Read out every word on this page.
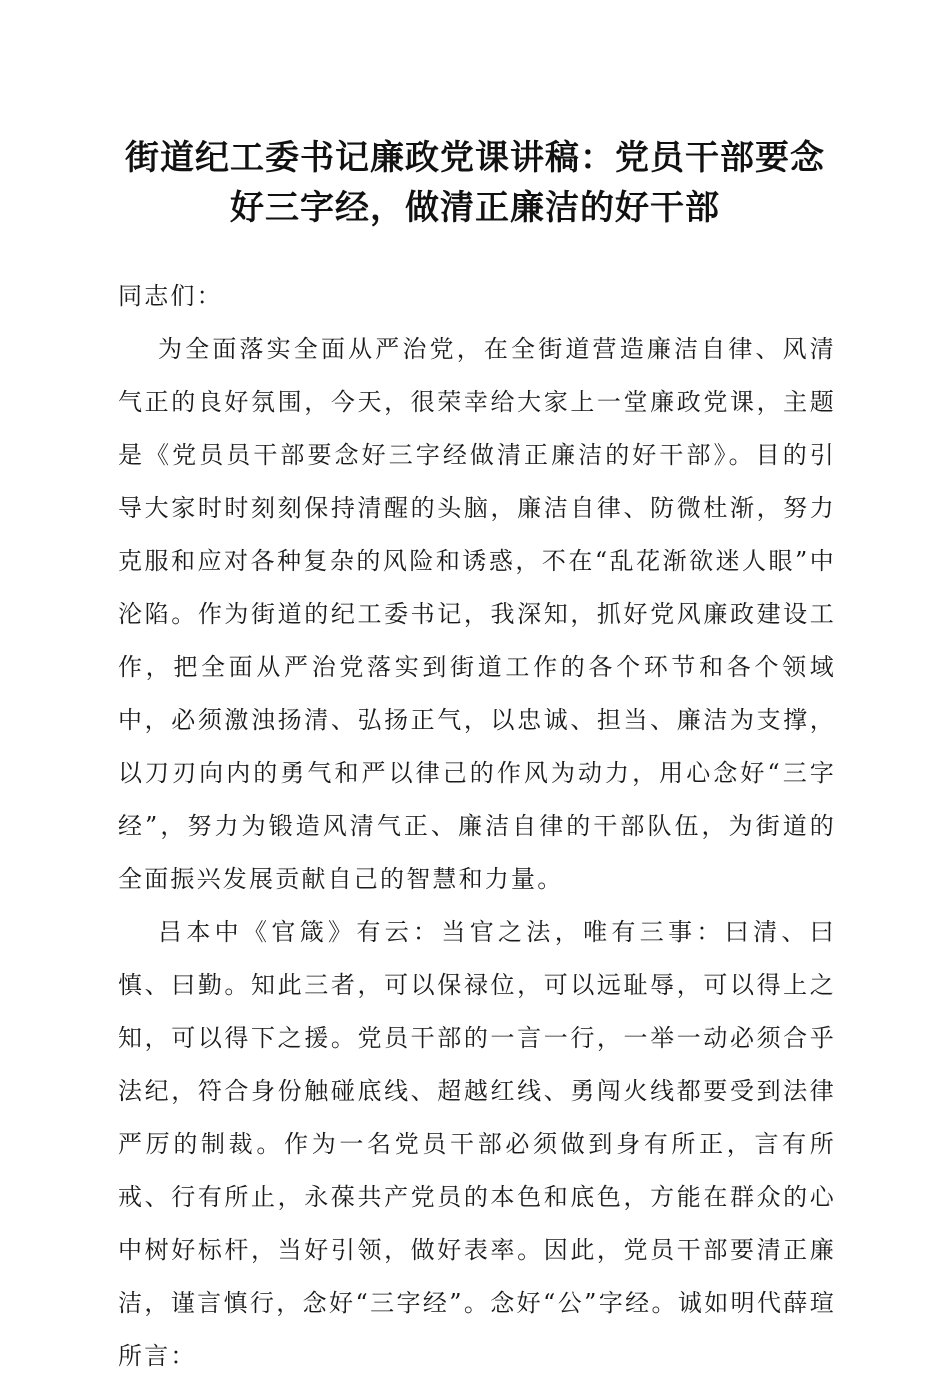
街道纪工委书记廉政党课讲稿：党员干部要念
好三字经，做清正廉洁的好干部

同志们：

为全面落实全面从严治党，在全街道营造廉洁自律、风清气正的良好氛围，今天，很荣幸给大家上一堂廉政党课，主题是《党员员干部要念好三字经做清正廉洁的好干部》。目的引导大家时时刻刻保持清醒的头脑，廉洁自律、防微杜渐，努力克服和应对各种复杂的风险和诱惑，不在“乱花渐欲迷人眼”中沦陷。作为街道的纪工委书记，我深知，抓好党风廉政建设工作，把全面从严治党落实到街道工作的各个环节和各个领域中，必须激浊扬清、弘扬正气，以忠诚、担当、廉洁为支撑，以刀刃向内的勇气和严以律己的作风为动力，用心念好“三字经”，努力为锻造风清气正、廉洁自律的干部队伍，为街道的全面振兴发展贡献自己的智慧和力量。

吕本中《官箴》有云：当官之法，唯有三事：曰清、曰慎、曰勤。知此三者，可以保禄位，可以远耻辱，可以得上之知，可以得下之援。党员干部的一言一行，一举一动必须合乎法纪，符合身份触碰底线、超越红线、勇闯火线都要受到法律严厉的制裁。作为一名党员干部必须做到身有所正，言有所戒、行有所止，永葆共产党员的本色和底色，方能在群众的心中树好标杆，当好引领，做好表率。因此，党员干部要清正廉洁，谨言慎行，念好“三字经”。念好“公”字经。诚如明代薛瑄所言：
